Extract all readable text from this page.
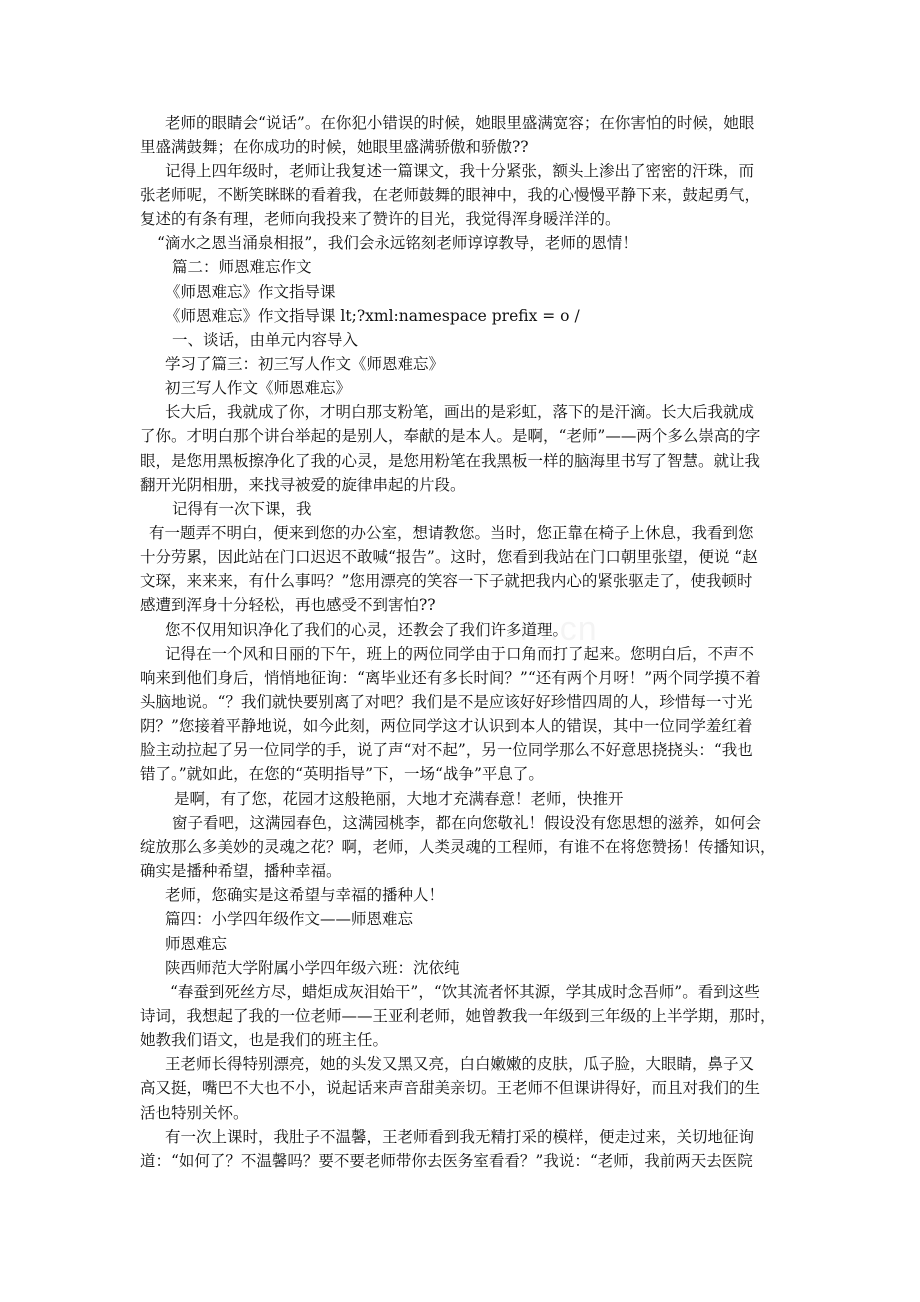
老师的眼睛会“说话”。在你犯小错误的时候，她眼里盛满宽容；在你害怕的时候，她眼
里盛满鼓舞；在你成功的时候，她眼里盛满骄傲和骄傲??
记得上四年级时，老师让我复述一篇课文，我十分紧张，额头上渗出了密密的汗珠，而
张老师呢，不断笑眯眯的看着我，在老师鼓舞的眼神中，我的心慢慢平静下来，鼓起勇气，
复述的有条有理，老师向我投来了赞许的目光，我觉得浑身暖洋洋的。
“滴水之恩当涌泉相报”，我们会永远铭刻老师谆谆教导，老师的恩情！
篇二：师恩难忘作文
《师恩难忘》作文指导课
《师恩难忘》作文指导课 lt;?xml:namespace prefix = o /
一、谈话，由单元内容导入
学习了篇三：初三写人作文《师恩难忘》
初三写人作文《师恩难忘》
长大后，我就成了你，才明白那支粉笔，画出的是彩虹，落下的是汗滴。长大后我就成
了你。才明白那个讲台举起的是别人，奉献的是本人。是啊，“老师”——两个多么崇高的字
眼，是您用黑板擦净化了我的心灵，是您用粉笔在我黑板一样的脑海里书写了智慧。就让我
翻开光阴相册，来找寻被爱的旋律串起的片段。
记得有一次下课，我
有一题弄不明白，便来到您的办公室，想请教您。当时，您正靠在椅子上休息，我看到您
十分劳累，因此站在门口迟迟不敢喊“报告”。这时，您看到我站在门口朝里张望，便说 “赵
文琛，来来来，有什么事吗？”您用漂亮的笑容一下子就把我内心的紧张驱走了，使我顿时
感遭到浑身十分轻松，再也感受不到害怕??
您不仅用知识净化了我们的心灵，还教会了我们许多道理。
记得在一个风和日丽的下午，班上的两位同学由于口角而打了起来。您明白后，不声不
响来到他们身后，悄悄地征询：“离毕业还有多长时间？”“还有两个月呀！”两个同学摸不着
头脑地说。“？我们就快要别离了对吧？我们是不是应该好好珍惜四周的人，珍惜每一寸光
阴？”您接着平静地说，如今此刻，两位同学这才认识到本人的错误，其中一位同学羞红着
脸主动拉起了另一位同学的手，说了声“对不起”，另一位同学那么不好意思挠挠头：“我也
错了。”就如此，在您的“英明指导”下，一场“战争”平息了。
是啊，有了您，花园才这般艳丽，大地才充满春意！老师，快推开
窗子看吧，这满园春色，这满园桃李，都在向您敬礼！假设没有您思想的滋养，如何会
绽放那么多美妙的灵魂之花？啊，老师，人类灵魂的工程师，有谁不在将您赞扬！传播知识，
确实是播种希望，播种幸福。
老师，您确实是这希望与幸福的播种人！
篇四：小学四年级作文——师恩难忘
师恩难忘
陕西师范大学附属小学四年级六班：沈依纯
“春蚕到死丝方尽，蜡炬成灰泪始干”，“饮其流者怀其源，学其成时念吾师”。看到这些
诗词，我想起了我的一位老师——王亚利老师，她曾教我一年级到三年级的上半学期，那时，
她教我们语文，也是我们的班主任。
王老师长得特别漂亮，她的头发又黑又亮，白白嫩嫩的皮肤，瓜子脸，大眼睛，鼻子又
高又挺，嘴巴不大也不小，说起话来声音甜美亲切。王老师不但课讲得好，而且对我们的生
活也特别关怀。
有一次上课时，我肚子不温馨，王老师看到我无精打采的模样，便走过来，关切地征询
道：“如何了？不温馨吗？要不要老师带你去医务室看看？”我说：“老师，我前两天去医院
